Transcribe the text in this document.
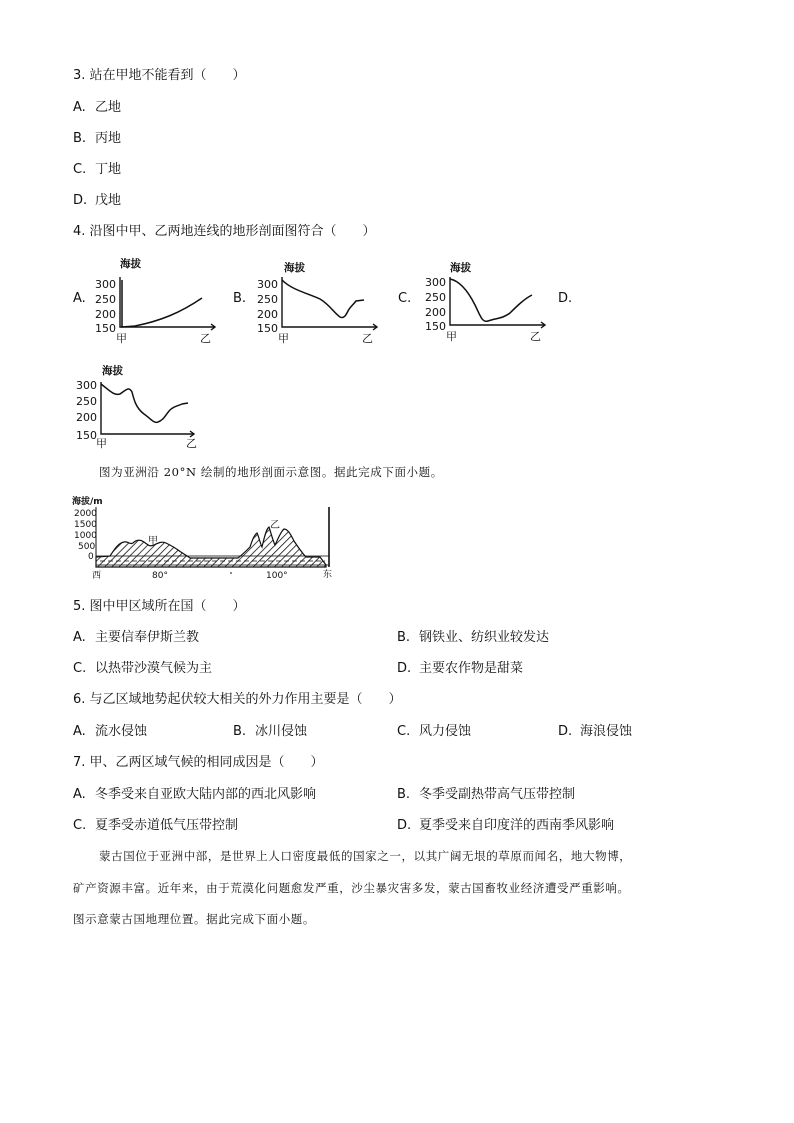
3. 站在甲地不能看到（　　）
A. 乙地
B. 丙地
C. 丁地
D. 戊地
4. 沿图中甲、乙两地连线的地形剖面图符合（　　）
A.	B.	C.	D.
海拔
300
250
200
150
甲	乙
海拔
300
250
200
150
甲	乙
海拔
300
250
200
150
甲	乙
海拔
300
250
200
150
甲	乙
图为亚洲沿 20°N 绘制的地形剖面示意图。据此完成下面小题。
海拔/m
2000
1500
1000
500
0
甲
乙
80°	100°
西	东
5. 图中甲区域所在国（　　）
A. 主要信奉伊斯兰教	B. 钢铁业、纺织业较发达
C. 以热带沙漠气候为主	D. 主要农作物是甜菜
6. 与乙区域地势起伏较大相关的外力作用主要是（　　）
A. 流水侵蚀	B. 冰川侵蚀	C. 风力侵蚀	D. 海浪侵蚀
7. 甲、乙两区域气候的相同成因是（　　）
A. 冬季受来自亚欧大陆内部的西北风影响	B. 冬季受副热带高气压带控制
C. 夏季受赤道低气压带控制	D. 夏季受来自印度洋的西南季风影响
蒙古国位于亚洲中部，是世界上人口密度最低的国家之一，以其广阔无垠的草原而闻名，地大物博，
矿产资源丰富。近年来，由于荒漠化问题愈发严重，沙尘暴灾害多发，蒙古国畜牧业经济遭受严重影响。
图示意蒙古国地理位置。据此完成下面小题。
